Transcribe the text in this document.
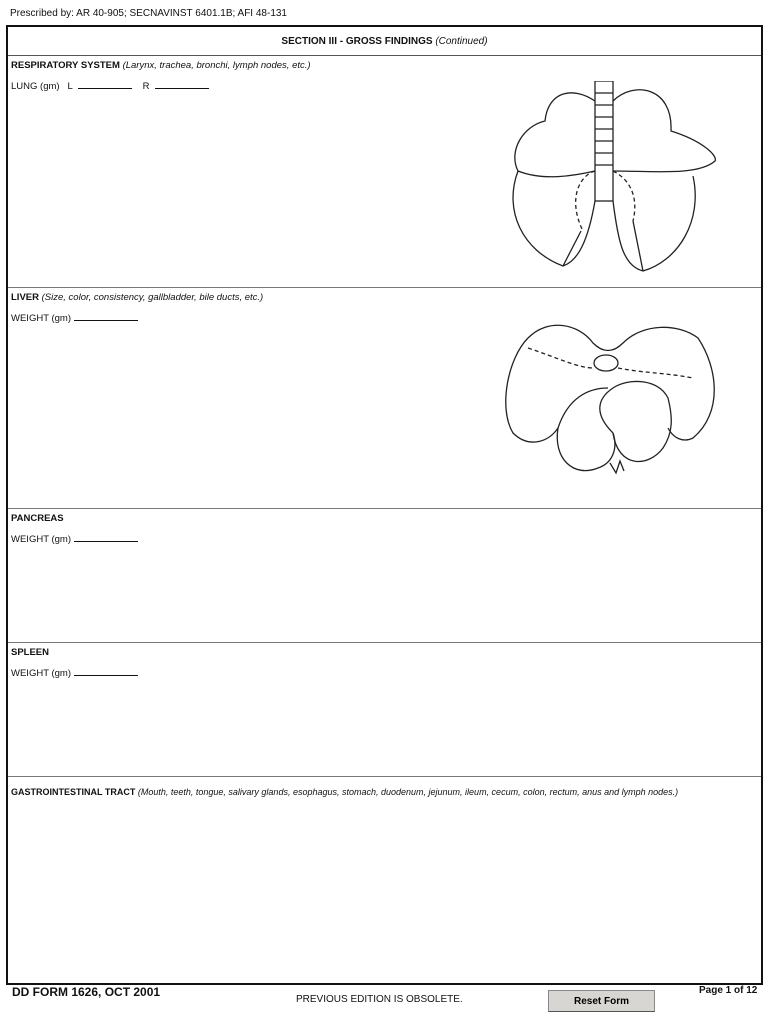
Prescribed by: AR 40-905; SECNAVINST 6401.1B; AFI 48-131
SECTION III - GROSS FINDINGS (Continued)
RESPIRATORY SYSTEM (Larynx, trachea, bronchi, lymph nodes, etc.)
LUNG (gm) L	R
LIVER (Size, color, consistency, gallbladder, bile ducts, etc.)
WEIGHT (gm)
PANCREAS
WEIGHT (gm)
SPLEEN
WEIGHT (gm)
GASTROINTESTINAL TRACT (Mouth, teeth, tongue, salivary glands, esophagus, stomach, duodenum, jejunum, ileum, cecum, colon, rectum, anus and lymph nodes.)
DD FORM 1626, OCT 2001
PREVIOUS EDITION IS OBSOLETE.	Reset Form
Page 1 of 12
